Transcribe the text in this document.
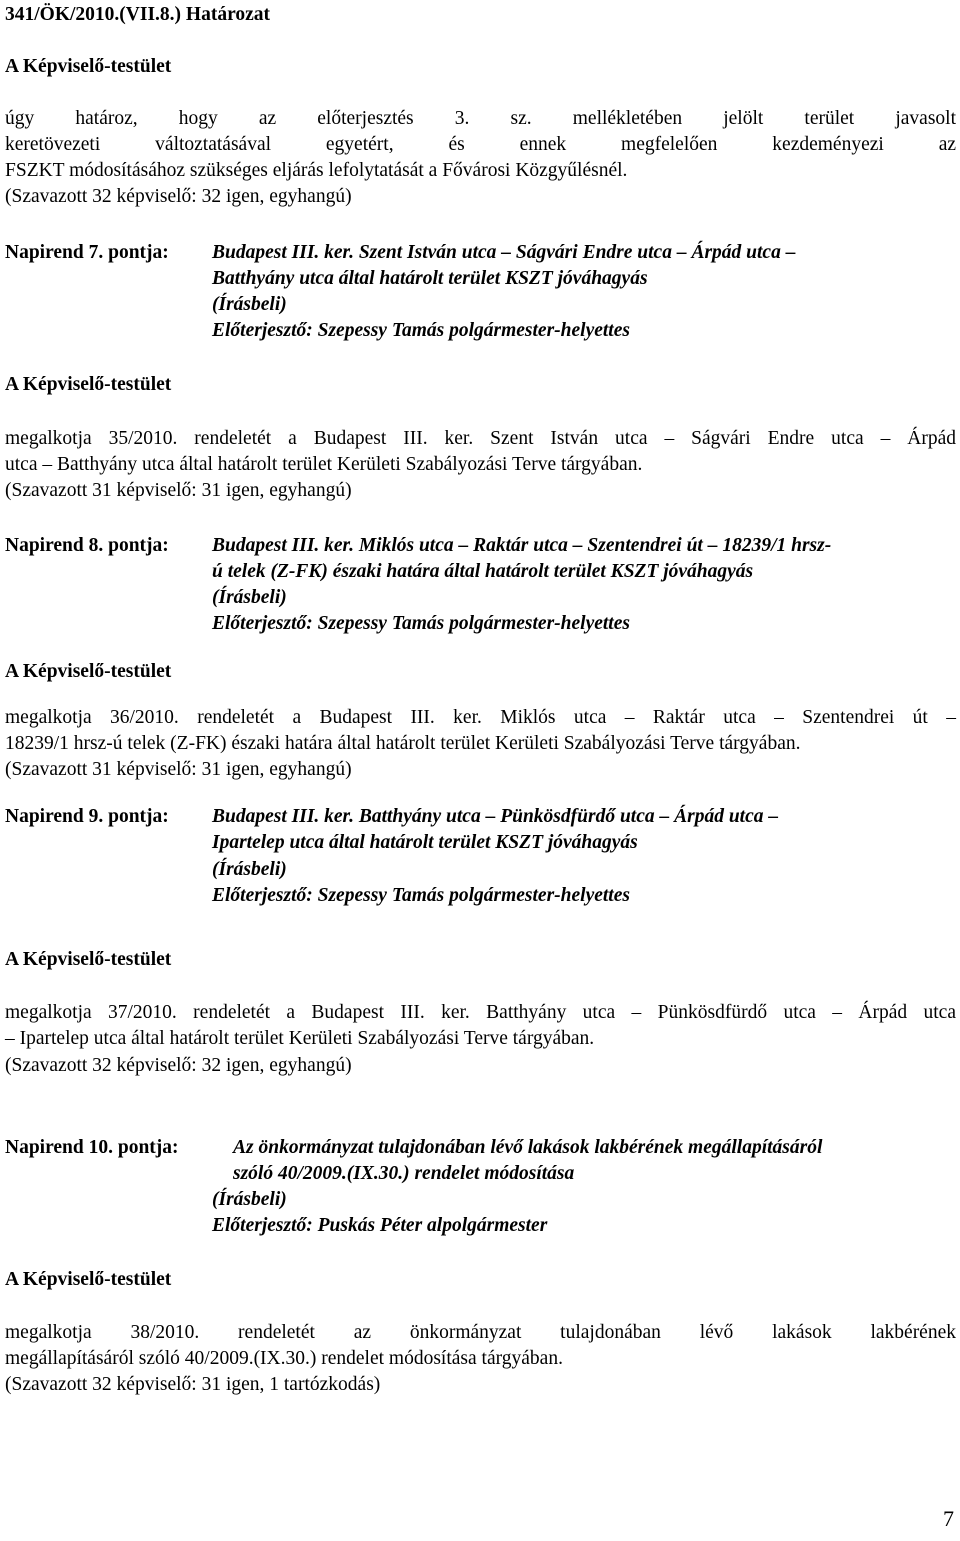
341/ÖK/2010.(VII.8.) Határozat
A Képviselő-testület
úgy határoz, hogy az előterjesztés 3. sz. mellékletében jelölt terület javasolt
keretövezeti változtatásával egyetért, és ennek megfelelően kezdeményezi az
FSZKT módosításához szükséges eljárás lefolytatását a Fővárosi Közgyűlésnél.
(Szavazott 32 képviselő: 32 igen, egyhangú)
Napirend 7. pontja: Budapest III. ker. Szent István utca – Ságvári Endre utca – Árpád utca –
Batthyány utca által határolt terület KSZT jóváhagyás
(Írásbeli)
Előterjesztő: Szepessy Tamás polgármester-helyettes
A Képviselő-testület
megalkotja 35/2010. rendeletét a Budapest III. ker. Szent István utca – Ságvári Endre utca – Árpád
utca – Batthyány utca által határolt terület Kerületi Szabályozási Terve tárgyában.
(Szavazott 31 képviselő: 31 igen, egyhangú)
Napirend 8. pontja: Budapest III. ker. Miklós utca – Raktár utca – Szentendrei út – 18239/1 hrsz-
ú telek (Z-FK) északi határa által határolt terület KSZT jóváhagyás
(Írásbeli)
Előterjesztő: Szepessy Tamás polgármester-helyettes
A Képviselő-testület
megalkotja 36/2010. rendeletét a Budapest III. ker. Miklós utca – Raktár utca – Szentendrei út –
18239/1 hrsz-ú telek (Z-FK) északi határa által határolt terület Kerületi Szabályozási Terve tárgyában.
(Szavazott 31 képviselő: 31 igen, egyhangú)
Napirend 9. pontja: Budapest III. ker. Batthyány utca – Pünkösdfürdő utca – Árpád utca –
Ipartelep utca által határolt terület KSZT jóváhagyás
(Írásbeli)
Előterjesztő: Szepessy Tamás polgármester-helyettes
A Képviselő-testület
megalkotja 37/2010. rendeletét a Budapest III. ker. Batthyány utca – Pünkösdfürdő utca – Árpád utca
– Ipartelep utca által határolt terület Kerületi Szabályozási Terve tárgyában.
(Szavazott 32 képviselő: 32 igen, egyhangú)
Napirend 10. pontja:	Az önkormányzat tulajdonában lévő lakások lakbérének megállapításáról
szóló 40/2009.(IX.30.) rendelet módosítása
(Írásbeli)
Előterjesztő: Puskás Péter alpolgármester
A Képviselő-testület
megalkotja 38/2010. rendeletét az önkormányzat tulajdonában lévő lakások lakbérének
megállapításáról szóló 40/2009.(IX.30.) rendelet módosítása tárgyában.
(Szavazott 32 képviselő: 31 igen, 1 tartózkodás)
7
